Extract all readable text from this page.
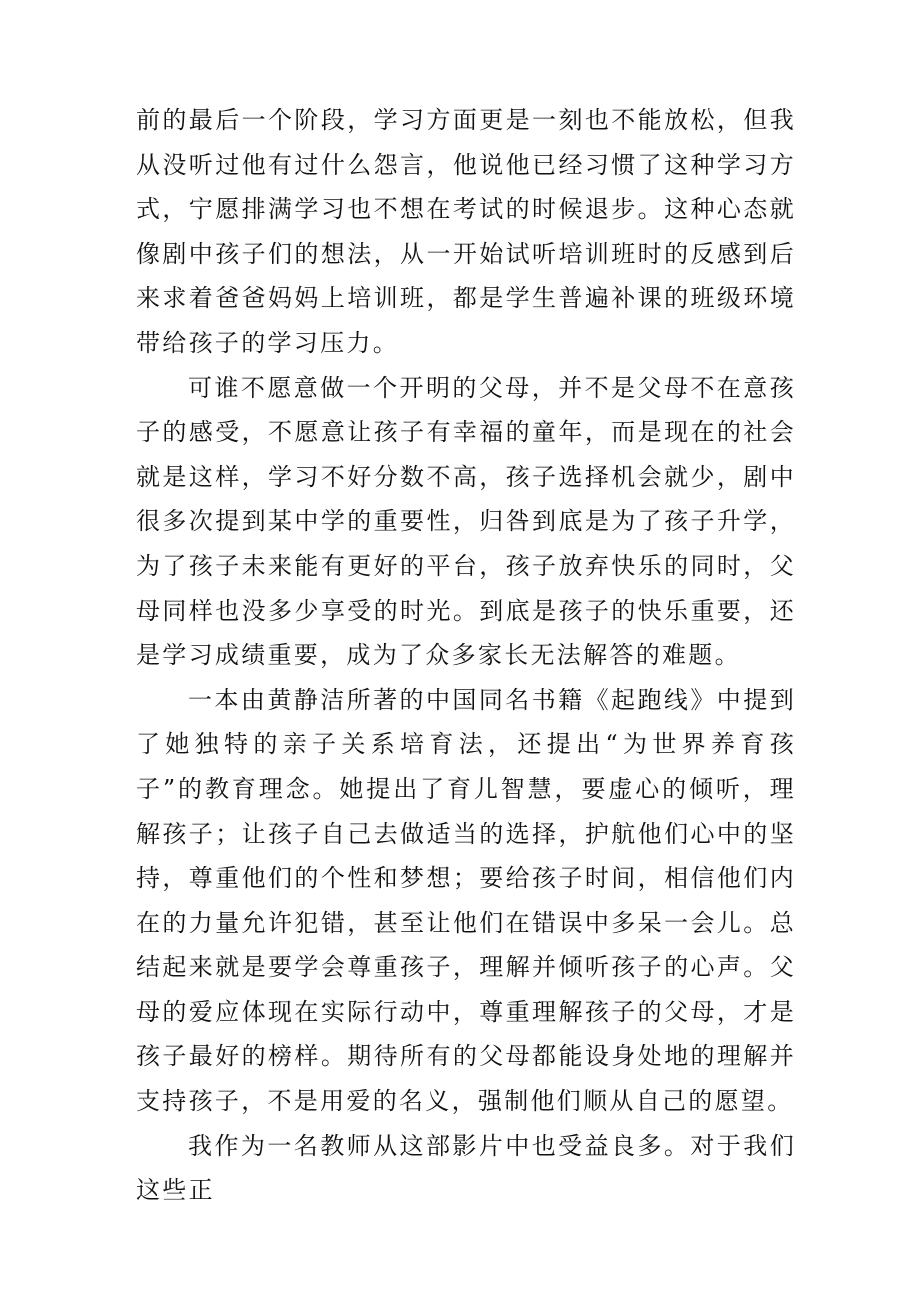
前的最后一个阶段，学习方面更是一刻也不能放松，但我从没听过他有过什么怨言，他说他已经习惯了这种学习方式，宁愿排满学习也不想在考试的时候退步。这种心态就像剧中孩子们的想法，从一开始试听培训班时的反感到后来求着爸爸妈妈上培训班，都是学生普遍补课的班级环境带给孩子的学习压力。

可谁不愿意做一个开明的父母，并不是父母不在意孩子的感受，不愿意让孩子有幸福的童年，而是现在的社会就是这样，学习不好分数不高，孩子选择机会就少，剧中很多次提到某中学的重要性，归咎到底是为了孩子升学，为了孩子未来能有更好的平台，孩子放弃快乐的同时，父母同样也没多少享受的时光。到底是孩子的快乐重要，还是学习成绩重要，成为了众多家长无法解答的难题。

一本由黄静洁所著的中国同名书籍《起跑线》中提到了她独特的亲子关系培育法，还提出“为世界养育孩子”的教育理念。她提出了育儿智慧，要虚心的倾听，理解孩子；让孩子自己去做适当的选择，护航他们心中的坚持，尊重他们的个性和梦想；要给孩子时间，相信他们内在的力量允许犯错，甚至让他们在错误中多呆一会儿。总结起来就是要学会尊重孩子，理解并倾听孩子的心声。父母的爱应体现在实际行动中，尊重理解孩子的父母，才是孩子最好的榜样。期待所有的父母都能设身处地的理解并支持孩子，不是用爱的名义，强制他们顺从自己的愿望。

我作为一名教师从这部影片中也受益良多。对于我们这些正
